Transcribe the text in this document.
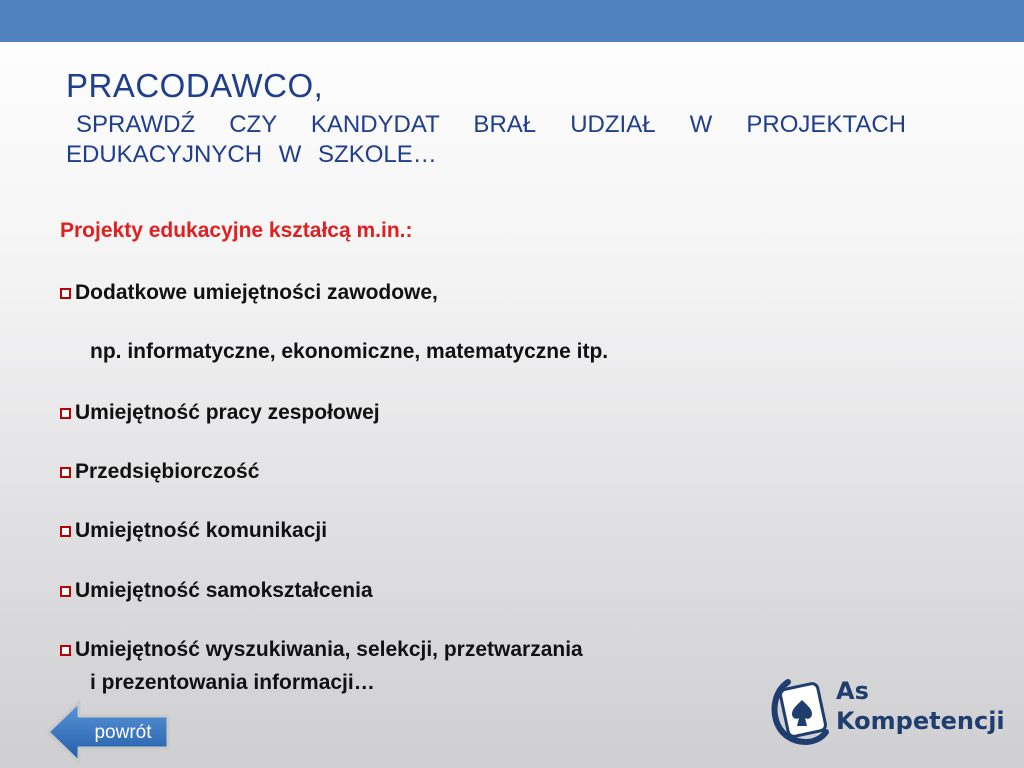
PRACODAWCO,
SPRAWDŹ CZY KANDYDAT BRAŁ UDZIAŁ W PROJEKTACH EDUKACYJNYCH W SZKOLE…
Projekty edukacyjne kształcą m.in.:
Dodatkowe umiejętności zawodowe,
np. informatyczne, ekonomiczne, matematyczne itp.
Umiejętność pracy zespołowej
Przedsiębiorczość
Umiejętność komunikacji
Umiejętność samokształcenia
Umiejętność wyszukiwania, selekcji, przetwarzania
i prezentowania informacji…
powrót
As
Kompetencji
